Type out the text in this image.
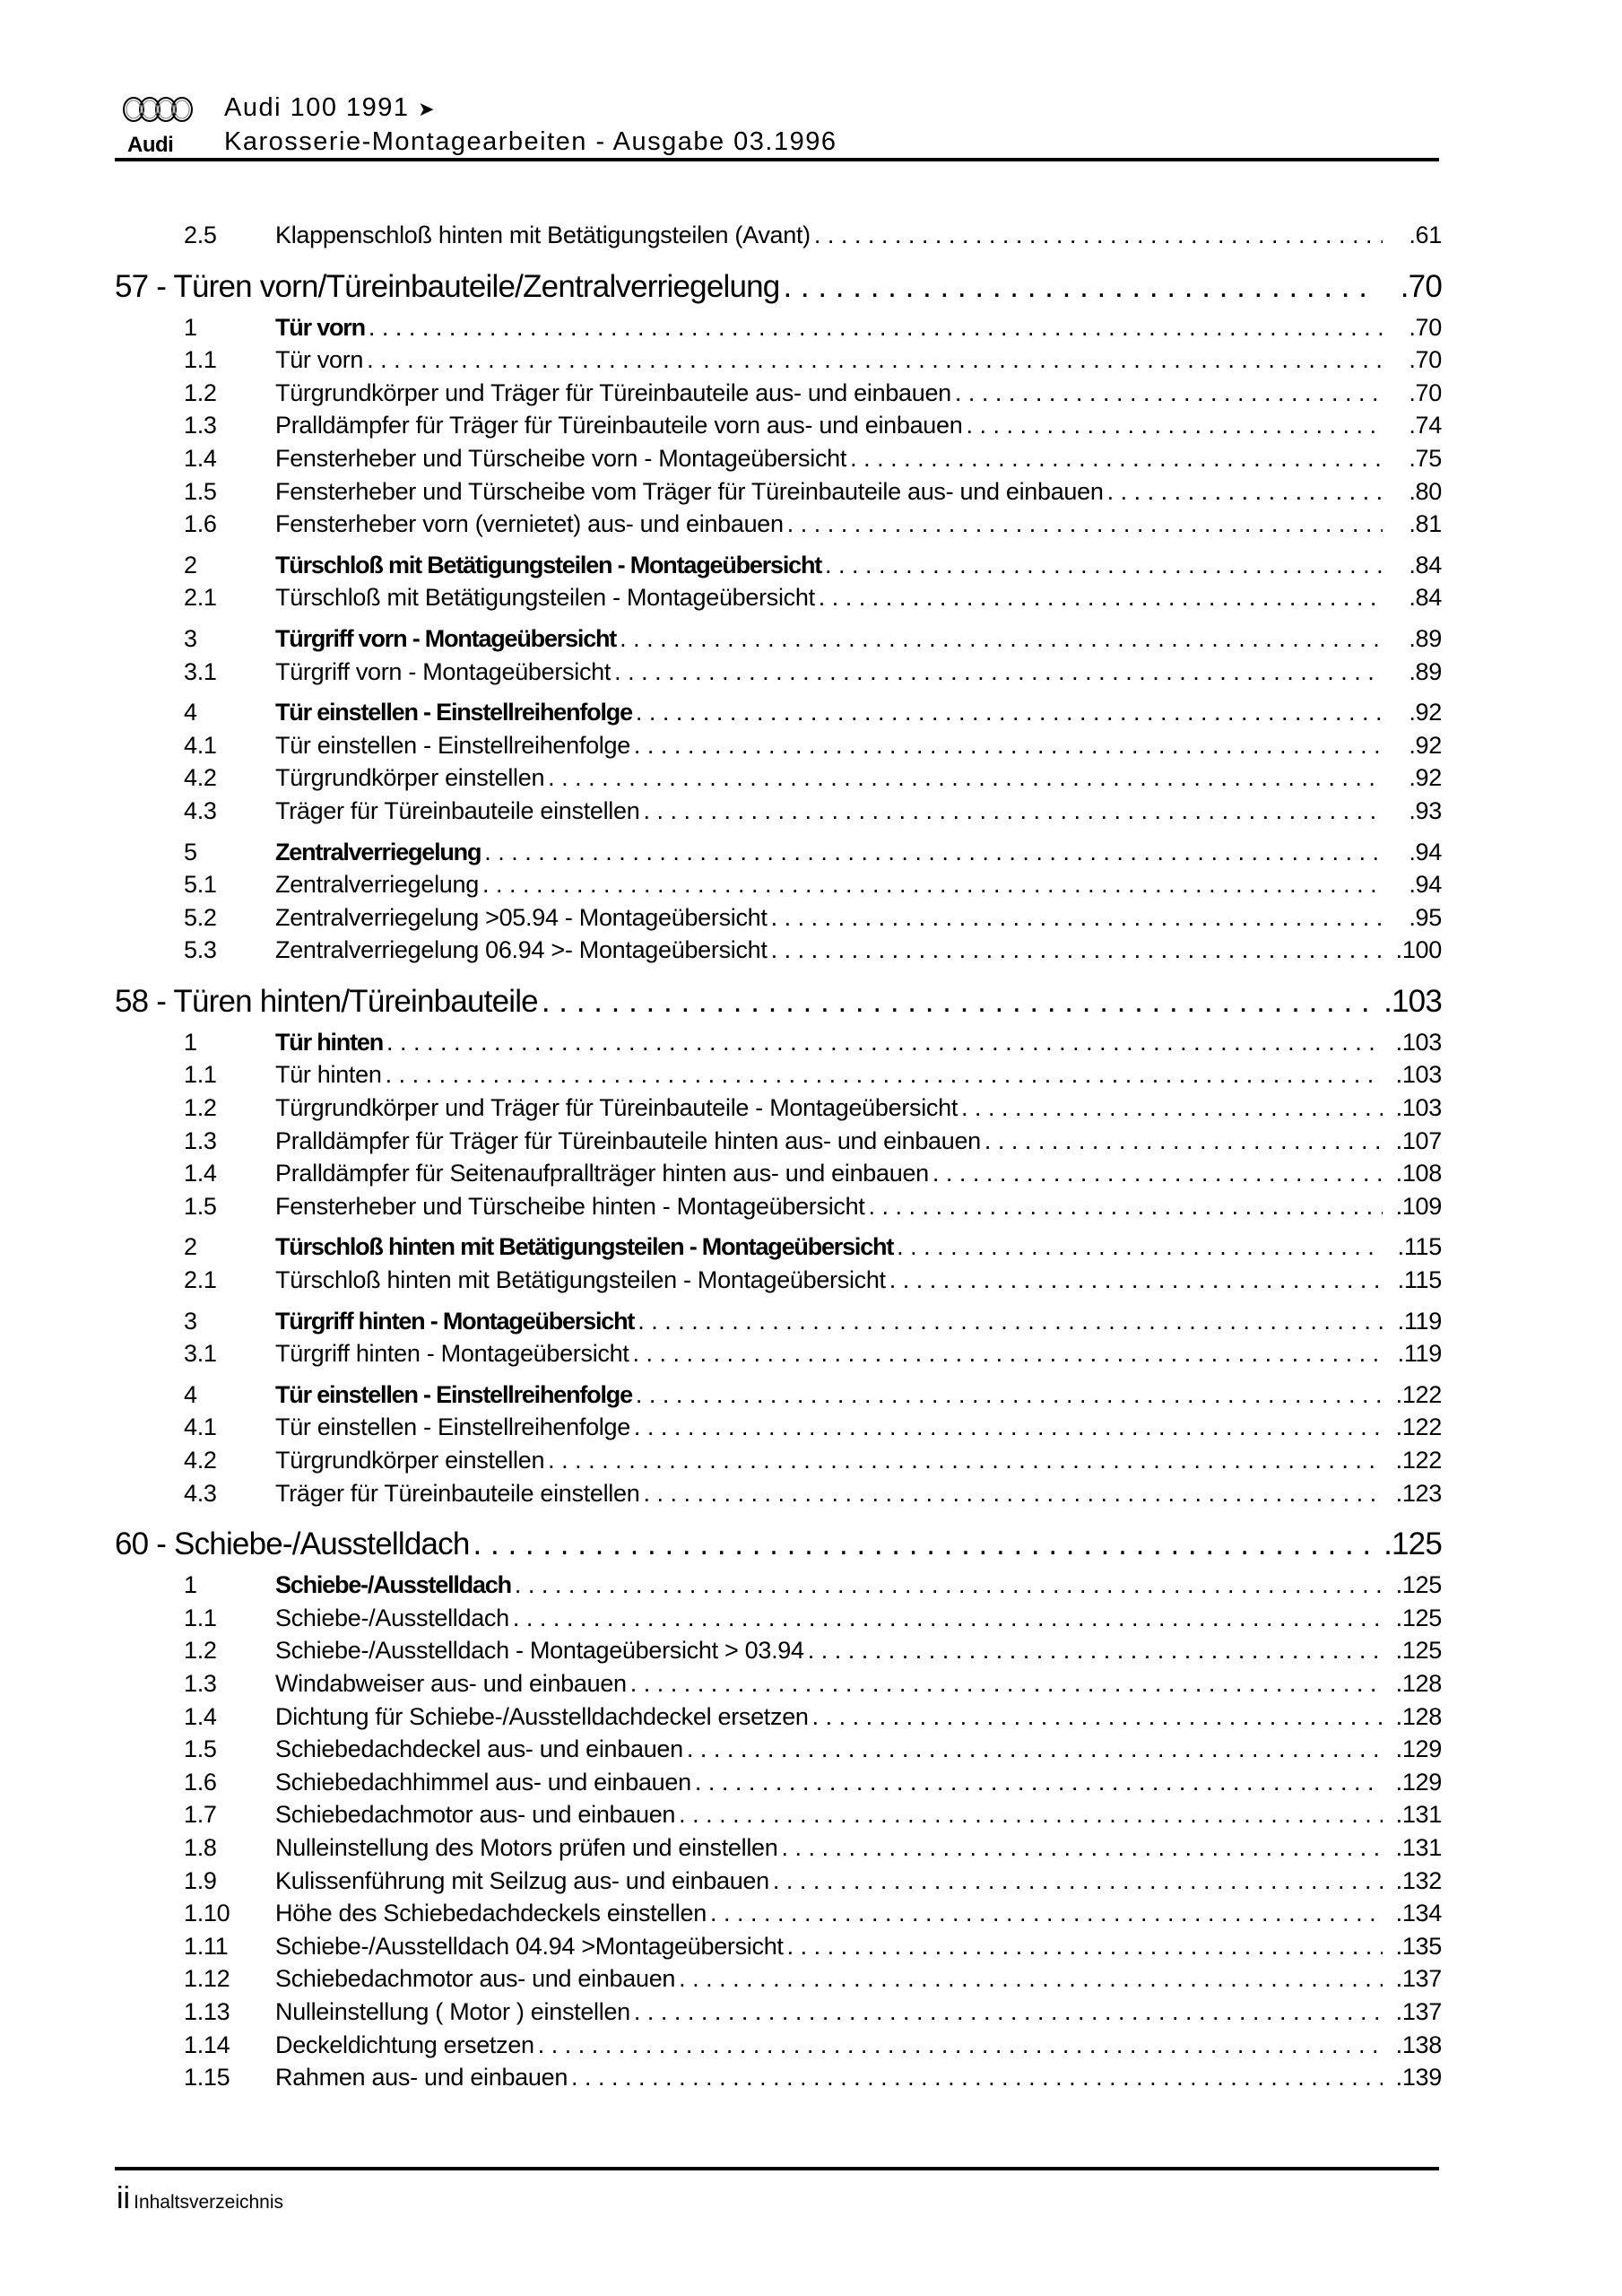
Audi
Audi 100 1991 ➤
Karosserie-Montagearbeiten - Ausgabe 03.1996
2.5	Klappenschloß hinten mit Betätigungsteilen (Avant) . . .	.61
57 - Türen vorn/Türeinbauteile/Zentralverriegelung . . .	.70
1	Tür vorn . . .	.70
1.1	Tür vorn . . .	.70
1.2	Türgrundkörper und Träger für Türeinbauteile aus- und einbauen . . .	.70
1.3	Pralldämpfer für Träger für Türeinbauteile vorn aus- und einbauen . . .	.74
1.4	Fensterheber und Türscheibe vorn - Montageübersicht . . .	.75
1.5	Fensterheber und Türscheibe vom Träger für Türeinbauteile aus- und einbauen . . .	.80
1.6	Fensterheber vorn (vernietet) aus- und einbauen . . .	.81
2	Türschloß mit Betätigungsteilen - Montageübersicht . . .	.84
2.1	Türschloß mit Betätigungsteilen - Montageübersicht . . .	.84
3	Türgriff vorn - Montageübersicht . . .	.89
3.1	Türgriff vorn - Montageübersicht . . .	.89
4	Tür einstellen - Einstellreihenfolge . . .	.92
4.1	Tür einstellen - Einstellreihenfolge . . .	.92
4.2	Türgrundkörper einstellen . . .	.92
4.3	Träger für Türeinbauteile einstellen . . .	.93
5	Zentralverriegelung . . .	.94
5.1	Zentralverriegelung . . .	.94
5.2	Zentralverriegelung >05.94 - Montageübersicht . . .	.95
5.3	Zentralverriegelung 06.94 >- Montageübersicht . . .	.100
58 - Türen hinten/Türeinbauteile . . .	.103
1	Tür hinten . . .	.103
1.1	Tür hinten . . .	.103
1.2	Türgrundkörper und Träger für Türeinbauteile - Montageübersicht . . .	.103
1.3	Pralldämpfer für Träger für Türeinbauteile hinten aus- und einbauen . . .	.107
1.4	Pralldämpfer für Seitenaufprallträger hinten aus- und einbauen . . .	.108
1.5	Fensterheber und Türscheibe hinten - Montageübersicht . . .	.109
2	Türschloß hinten mit Betätigungsteilen - Montageübersicht . . .	.115
2.1	Türschloß hinten mit Betätigungsteilen - Montageübersicht . . .	.115
3	Türgriff hinten - Montageübersicht . . .	.119
3.1	Türgriff hinten - Montageübersicht . . .	.119
4	Tür einstellen - Einstellreihenfolge . . .	.122
4.1	Tür einstellen - Einstellreihenfolge . . .	.122
4.2	Türgrundkörper einstellen . . .	.122
4.3	Träger für Türeinbauteile einstellen . . .	.123
60 - Schiebe-/Ausstelldach . . .	.125
1	Schiebe-/Ausstelldach . . .	.125
1.1	Schiebe-/Ausstelldach . . .	.125
1.2	Schiebe-/Ausstelldach - Montageübersicht > 03.94 . . .	.125
1.3	Windabweiser aus- und einbauen . . .	.128
1.4	Dichtung für Schiebe-/Ausstelldachdeckel ersetzen . . .	.128
1.5	Schiebedachdeckel aus- und einbauen . . .	.129
1.6	Schiebedachhimmel aus- und einbauen . . .	.129
1.7	Schiebedachmotor aus- und einbauen . . .	.131
1.8	Nulleinstellung des Motors prüfen und einstellen . . .	.131
1.9	Kulissenführung mit Seilzug aus- und einbauen . . .	.132
1.10	Höhe des Schiebedachdeckels einstellen . . .	.134
1.11	Schiebe-/Ausstelldach 04.94 >Montageübersicht . . .	.135
1.12	Schiebedachmotor aus- und einbauen . . .	.137
1.13	Nulleinstellung ( Motor ) einstellen . . .	.137
1.14	Deckeldichtung ersetzen . . .	.138
1.15	Rahmen aus- und einbauen . . .	.139
ii Inhaltsverzeichnis
